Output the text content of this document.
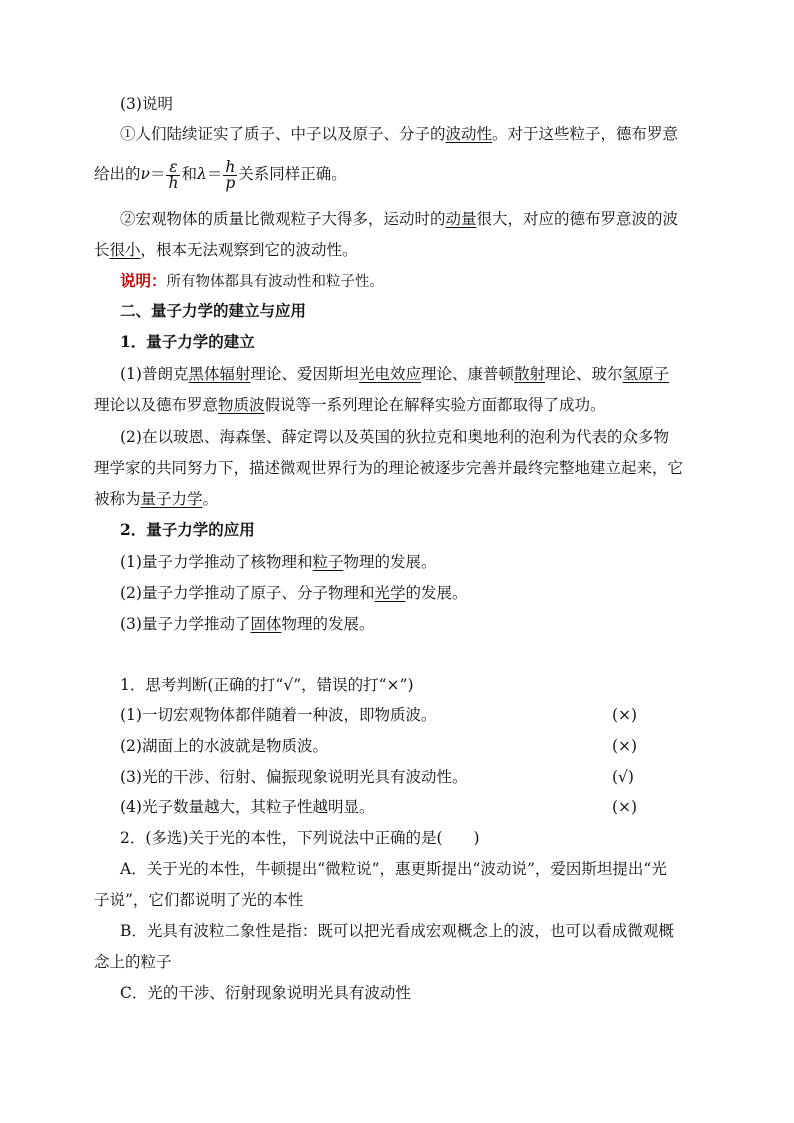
(3)说明
①人们陆续证实了质子、中子以及原子、分子的波动性。对于这些粒子，德布罗意
给出的$\nu= \frac{\varepsilon}{h}$ 和$\lambda= \frac{h}{p}$ 关系同样正确。
②宏观物体的质量比微观粒子大得多，运动时的动量很大，对应的德布罗意波的波
长很小，根本无法观察到它的波动性。
说明：所有物体都具有波动性和粒子性。
二、量子力学的建立与应用
1．量子力学的建立
(1)普朗克黑体辐射理论、爱因斯坦光电效应理论、康普顿散射理论、玻尔氢原子
理论以及德布罗意物质波假说等一系列理论在解释实验方面都取得了成功。
(2)在以玻恩、海森堡、薛定谔以及英国的狄拉克和奥地利的泡利为代表的众多物
理学家的共同努力下，描述微观世界行为的理论被逐步完善并最终完整地建立起来，它
被称为量子力学。
2．量子力学的应用
(1)量子力学推动了核物理和粒子物理的发展。
(2)量子力学推动了原子、分子物理和光学的发展。
(3)量子力学推动了固体物理的发展。
1．思考判断(正确的打“√”，错误的打“×”)
(1)一切宏观物体都伴随着一种波，即物质波。	(×)
(2)湖面上的水波就是物质波。	(×)
(3)光的干涉、衍射、偏振现象说明光具有波动性。	(√)
(4)光子数量越大，其粒子性越明显。	(×)
2．(多选)关于光的本性，下列说法中正确的是(　　)
A．关于光的本性，牛顿提出“微粒说”，惠更斯提出“波动说”，爱因斯坦提出“光
子说”，它们都说明了光的本性
B．光具有波粒二象性是指：既可以把光看成宏观概念上的波，也可以看成微观概
念上的粒子
C．光的干涉、衍射现象说明光具有波动性
